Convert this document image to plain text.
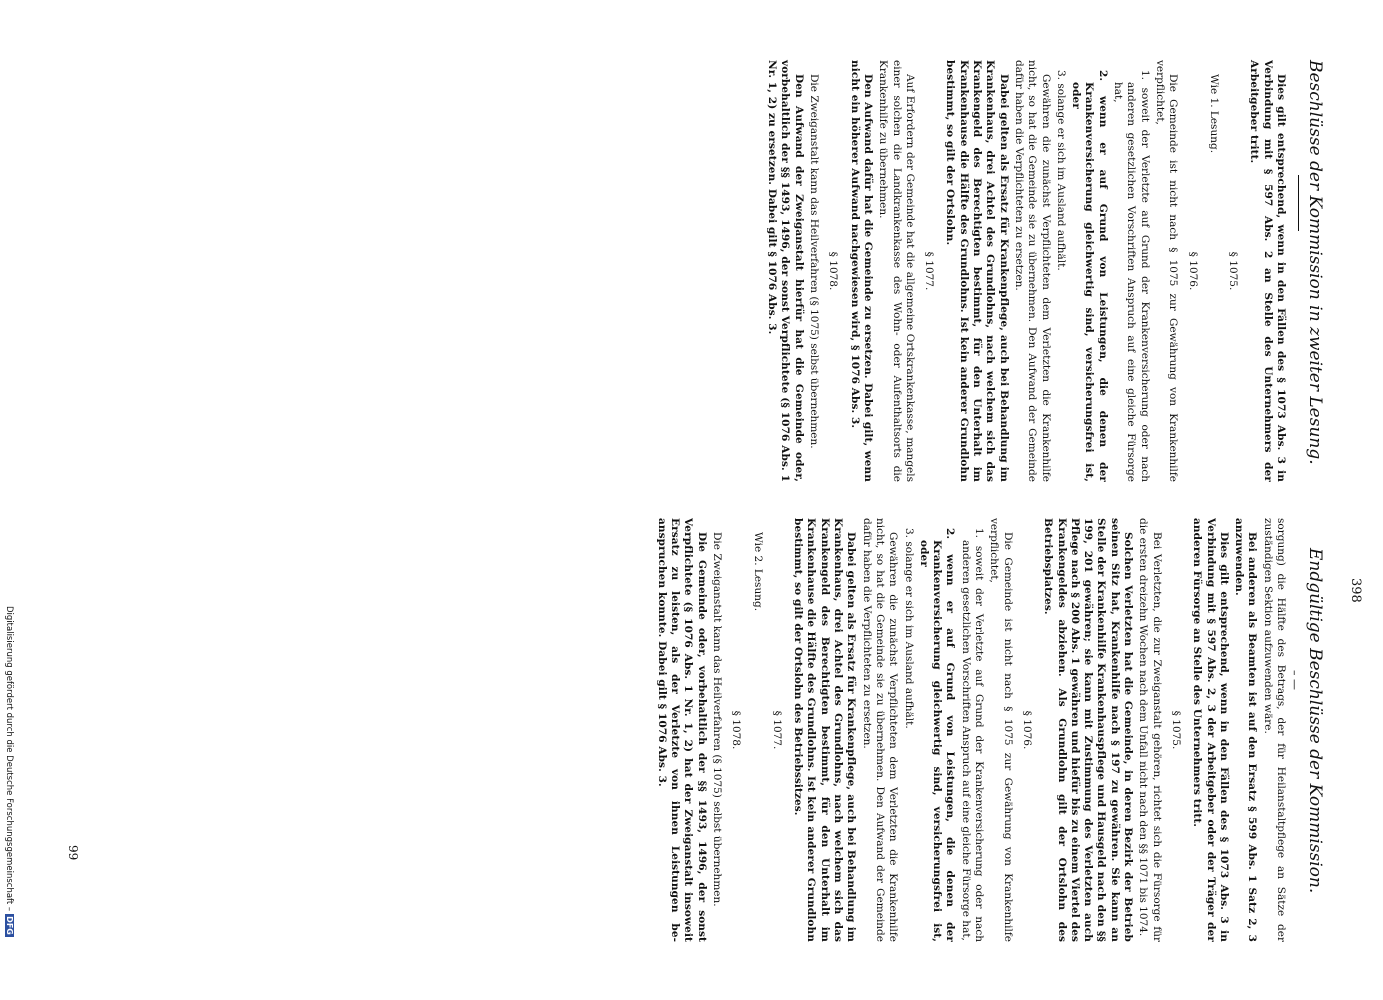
Beschlüsse der Kommission in zweiter Lesung.
398
Endgültige Beschlüsse der Kommission.
– —

Dies gilt entsprechend, wenn in den Fällen des § 1073 Abs. 3 in Verbindung mit § 597 Abs. 2 an Stelle des Unternehmers der Arbeitgeber tritt.

§ 1075.

Wie 1. Lesung.

§ 1076.

Die Gemeinde ist nicht nach § 1075 zur Gewährung von Krankenhilfe verpflichtet,

1. soweit der Verletzte auf Grund der Krankenversicherung oder nach anderen gesetzlichen Vorschriften Anspruch auf eine gleiche Fürsorge hat,

2. wenn er auf Grund von Leistungen, die denen der Krankenversicherung gleichwertig sind, versicherungsfrei ist, oder

3. solange er sich im Ausland aufhält.

Gewähren die zunächst Verpflichteten dem Verletzten die Krankenhilfe nicht, so hat die Gemeinde sie zu übernehmen. Den Aufwand der Gemeinde dafür haben die Verpflichteten zu ersetzen.

Dabei gelten als Ersatz für Krankenpflege, auch bei Behandlung im Krankenhaus, drei Achtel des Grundlohns, nach welchem sich das Krankengeld des Berechtigten bestimmt, für den Unterhalt im Krankenhause die Hälfte des Grundlohns. Ist kein anderer Grundlohn bestimmt, so gilt der Ortslohn.

§ 1077.

Auf Erfordern der Gemeinde hat die allgemeine Ortskrankenkasse, mangels einer solchen die Landkrankenkasse des Wohn- oder Aufenthaltsorts die Krankenhilfe zu übernehmen.

Den Aufwand dafür hat die Gemeinde zu ersetzen. Dabei gilt, wenn nicht ein höherer Aufwand nachgewiesen wird, § 1076 Abs. 3.

§ 1078.

Die Zweiganstalt kann das Heilverfahren (§ 1075) selbst übernehmen.

Den Aufwand der Zweiganstalt hierfür hat die Gemeinde oder, vorbehaltlich der §§ 1493, 1496, der sonst Verpflichtete (§ 1076 Abs. 1 Nr. 1, 2) zu ersetzen. Dabei gilt § 1076 Abs. 3.

sorgung) die Hälfte des Betrags, der für Heilanstaltpflege an Sätze der zuständigen Sektion aufzuwenden wäre.

Bei anderen als Beamten ist auf den Ersatz § 599 Abs. 1 Satz 2, 3 anzuwenden.

Dies gilt entsprechend, wenn in den Fällen des § 1073 Abs. 3 in Verbindung mit § 597 Abs. 2, 3 der Arbeitgeber oder der Träger der anderen Fürsorge an Stelle des Unternehmers tritt.

§ 1075.

Bei Verletzten, die zur Zweiganstalt gehören, richtet sich die Fürsorge für die ersten dreizehn Wochen nach dem Unfall nicht nach den §§ 1071 bis 1074.

Solchen Verletzten hat die Gemeinde, in deren Bezirk der Betrieb seinen Sitz hat, Krankenhilfe nach § 197 zu gewähren. Sie kann an Stelle der Krankenhilfe Krankenhauspflege und Hausgeld nach den §§ 199, 201 gewähren; sie kann mit Zustimmung des Verletzten auch Pflege nach § 200 Abs. 1 gewähren und hiefür bis zu einem Viertel des Krankengeldes abziehen. Als Grundlohn gilt der Ortslohn des Betriebsplatzes.

§ 1076.

Die Gemeinde ist nicht nach § 1075 zur Gewährung von Krankenhilfe verpflichtet,

1. soweit der Verletzte auf Grund der Krankenversicherung oder nach anderen gesetzlichen Vorschriften Anspruch auf eine gleiche Fürsorge hat,

2. wenn er auf Grund von Leistungen, die denen der Krankenversicherung gleichwertig sind, versicherungsfrei ist, oder

3. solange er sich im Ausland aufhält.

Gewähren die zunächst Verpflichteten dem Verletzten die Krankenhilfe nicht, so hat die Gemeinde sie zu übernehmen. Den Aufwand der Gemeinde dafür haben die Verpflichteten zu ersetzen.

Dabei gelten als Ersatz für Krankenpflege, auch bei Behandlung im Krankenhaus, drei Achtel des Grundlohns, nach welchem sich das Krankengeld des Berechtigten bestimmt, für den Unterhalt im Krankenhause die Hälfte des Grundlohns. Ist kein anderer Grundlohn bestimmt, so gilt der Ortslohn des Betriebssitzes.

§ 1077.

Wie 2. Lesung.

§ 1078.

Die Zweiganstalt kann das Heilverfahren (§ 1075) selbst übernehmen.

Die Gemeinde oder, vorbehaltlich der §§ 1493, 1496, der sonst Verpflichtete (§ 1076 Abs. 1 Nr. 1, 2) hat der Zweiganstalt insoweit Ersatz zu leisten, als der Verletzte von ihnen Leistungen beanspruchen konnte. Dabei gilt § 1076 Abs. 3.

99
Digitalisierung gefördert durch die Deutsche Forschungsgemeinschaft –DFG
